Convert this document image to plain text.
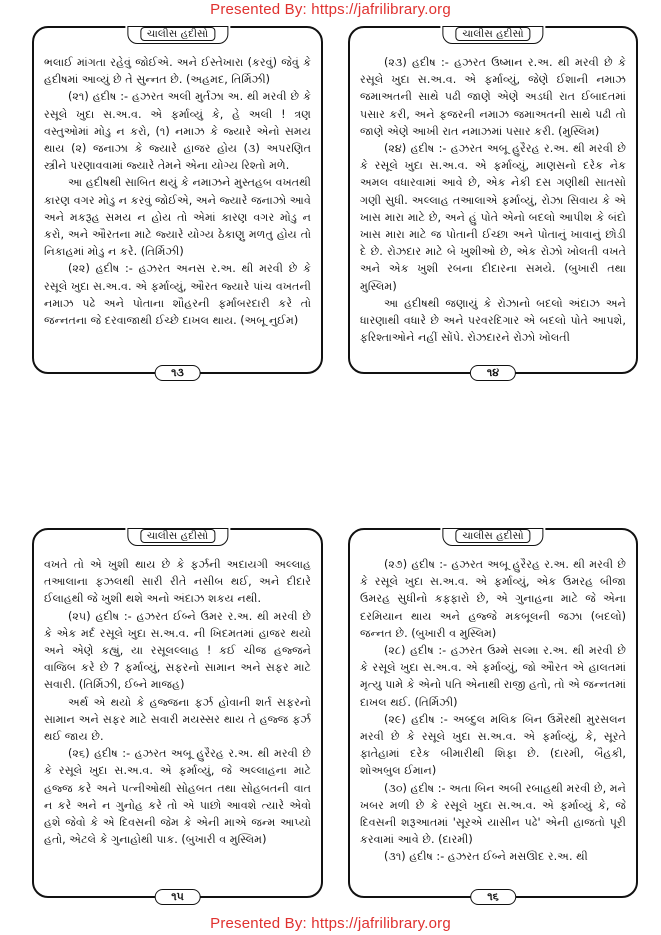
Presented By: https://jafrilibrary.org
ચાલીસ હદીસો

ભલાઈ માંગતા રહેવું જોઈએ. અને ઈસ્તેખારા (કરવું) જેવું કે હદીષમાં આવ્યું છે તે સુન્નત છે. (અહમદ, તિર્મિઝી)

(૨૧) હદીષ :- હઝરત અલી મુર્તઝા અ. થી મરવી છે કે રસૂલે ખુદા સ.અ.વ. એ ફર્માવ્યું કે, હે અલી ! ત્રણ વસ્તુઓમાં મોડુ ન કરો, (૧) નમાઝ કે જ્યારે એનો સમય થાય (૨) જનાઝા કે જ્યારે હાજર હોય (૩) અપરણિત સ્ત્રીને પરણાવવામાં જ્યારે તેમને એના યોગ્ય રિશ્તો મળે.

આ હદીષથી સાબિત થયું કે નમાઝને મુસ્તહબ વખતથી કારણ વગર મોડુ ન કરવું જોઈએ, અને જ્યારે જનાઝો આવે અને મકરૂહ સમય ન હોય તો એમાં કારણ વગર મોડુ ન કરો, અને ઔરતના માટે જ્યારે યોગ્ય ઠેકાણુ મળતુ હોય તો નિકાહમાં મોડુ ન કરે. (તિર્મિઝી)

(૨૨) હદીષ :- હઝરત અનસ ર.અ. થી મરવી છે કે રસૂલે ખુદા સ.અ.વ. એ ફર્માવ્યું, ઔરત જ્યારે પાંચ વખતની નમાઝ પઢે અને પોતાના શૌહરની ફર્માબરદારી કરે તો જન્નતના જે દરવાજાથી ઈચ્છે દાખલ થાય. (અબૂ નુઈમ)

૧૩
ચાલીસ હદીસો

(૨૩) હદીષ :- હઝરત ઉષ્માન ર.અ. થી મરવી છે કે રસૂલે ખુદા સ.અ.વ. એ ફર્માવ્યું, જેણે ઈશાની નમાઝ જમાઅતની સાથે પઢી જાણે એણે અડધી રાત ઈબાદતમાં પસાર કરી, અને ફજરની નમાઝ જમાઅતની સાથે પઢી તો જાણે એણે આખી રાત નમાઝમાં પસાર કરી. (મુસ્લિમ)

(૨૪) હદીષ :- હઝરત અબૂ હુરૈરહ ર.અ. થી મરવી છે કે રસૂલે ખુદા સ.અ.વ. એ ફર્માવ્યું, માણસનો દરેક નેક અમલ વધારવામાં આવે છે, એક નેકી દસ ગણીથી સાતસો ગણી સુધી. અલ્લાહ તઆલાએ ફર્માવ્યું, રોઝા સિવાય કે એ ખાસ મારા માટે છે, અને હું પોતે એનો બદલો આપીશ કે બંદો ખાસ મારા માટે જ પોતાની ઈચ્છા અને પોતાનું ખાવાનું છોડી દે છે. રોઝદાર માટે બે ખુશીઓ છે, એક રોઝો ખોલતી વખતે અને એક ખુશી રબના દીદારના સમયે. (બુખારી તથા મુસ્લિમ)

આ હદીષથી જણાયું કે રોઝાનો બદલો અંદાઝ અને ધારણાથી વધારે છે અને પરવરદિગાર એ બદલો પોતે આપશે, ફરિશ્તાઓને નહીં સોંપે. રોઝદારને રોઝો ખોલતી

૧૪
ચાલીસ હદીસો

વખતે તો એ ખુશી થાય છે કે ફર્ઝની અદાયગી અલ્લાહ તઆલાના ફઝલથી સારી રીતે નસીબ થઈ, અને દીદારે ઈલાહથી જે ખુશી થશે અનો અંદાઝ શકય નથી.

(૨૫) હદીષ :- હઝરત ઈબ્ને ઉમર ર.અ. થી મરવી છે કે એક મર્દ રસૂલે ખુદા સ.અ.વ. ની ખિદમતમાં હાજર થયો અને એણે કહ્યું, યા રસૂલલ્લાહ ! કઈ ચીજ હજ્જને વાજિબ કરે છે ? ફર્માવ્યું, સફરનો સામાન અને સફર માટે સવારી. (તિર્મિઝી, ઈબ્ને માજહ)

અર્થ એ થયો કે હજ્જના ફર્ઝ હોવાની શર્ત સફરનો સામાન અને સફર માટે સવારી મયસ્સર થાય તે હજ્જ ફર્ઝ થઈ જાય છે.

(૨૬) હદીષ :- હઝરત અબૂ હુરૈરહ ર.અ. થી મરવી છે કે રસૂલે ખુદા સ.અ.વ. એ ફર્માવ્યું, જે અલ્લાહના માટે હજ્જ કરે અને પત્નીઓથી સોહબત તથા સોહબતની વાત ન કરે અને ન ગુનોહ કરે તો એ પાછો આવશે ત્યારે એવો હશે જેવો કે એ દિવસની જેમ કે એની માએ જન્મ આપ્યો હતો, એટલે કે ગુનાહોથી પાક. (બુખારી વ મુસ્લિમ)

૧૫
ચાલીસ હદીસો

(૨૭) હદીષ :- હઝરત અબૂ હુરૈરહ ર.અ. થી મરવી છે કે રસૂલે ખુદા સ.અ.વ. એ ફર્માવ્યું, એક ઉમરહ બીજા ઉમરહ સુધીનો કફ્ફારો છે, એ ગુનાહના માટે જે એના દરમિયાન થાય અને હજ્જે મકબૂલની જઝા (બદલો) જન્નત છે. (બુખારી વ મુસ્લિમ)

(૨૮) હદીષ :- હઝરત ઉમ્મે સલ્મા ર.અ. થી મરવી છે કે રસૂલે ખુદા સ.અ.વ. એ ફર્માવ્યું, જો ઔરત એ હાલતમાં મૃત્યુ પામે કે એનો પતિ એનાથી રાજી હતો, તો એ જન્નતમાં દાખલ થઈ. (તિર્મિઝી)

(૨૯) હદીષ :- અબ્દુલ મલિક બિન ઉમૈરથી મુરસલન મરવી છે કે રસૂલે ખુદા સ.અ.વ. એ ફર્માવ્યું, કે, સૂરતે ફાતેહામાં દરેક બીમારીથી શિફા છે. (દારમી, બૈહકી, શોઅબુલ ઈમાન)

(૩૦) હદીષ :- અતા બિન અબી રબાહથી મરવી છે, મને ખબર મળી છે કે રસૂલે ખુદા સ.અ.વ. એ ફર્માવ્યું કે, જે દિવસની શરૂઆતમાં 'સૂરએ યાસીન પઢે' એની હાજતો પૂરી કરવામાં આવે છે. (દારમી)

(૩૧) હદીષ :- હઝરત ઈબ્ને મસઊદ ર.અ. થી

૧૬
Presented By: https://jafrilibrary.org
